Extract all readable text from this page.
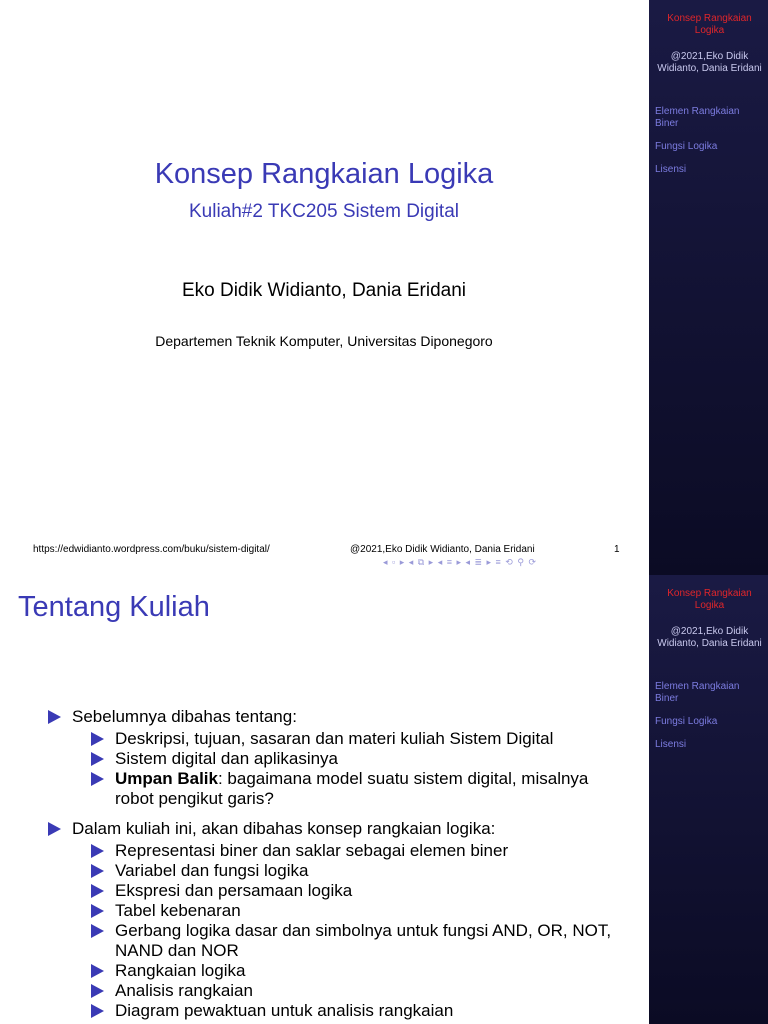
Konsep Rangkaian Logika
Kuliah#2 TKC205 Sistem Digital
Eko Didik Widianto, Dania Eridani
Departemen Teknik Komputer, Universitas Diponegoro
https://edwidianto.wordpress.com/buku/sistem-digital/	@2021,Eko Didik Widianto, Dania Eridani	1
◂ ▫ ▸ ◂ ⧉ ▸ ◂ ≡ ▸ ◂ ≣ ▸ ≡ ⟲ ⚲ ⟳
Konsep Rangkaian Logika
@2021,Eko Didik Widianto, Dania Eridani
Elemen Rangkaian Biner
Fungsi Logika
Lisensi
Tentang Kuliah
Sebelumnya dibahas tentang:
Deskripsi, tujuan, sasaran dan materi kuliah Sistem Digital
Sistem digital dan aplikasinya
Umpan Balik: bagaimana model suatu sistem digital, misalnya robot pengikut garis?
Dalam kuliah ini, akan dibahas konsep rangkaian logika:
Representasi biner dan saklar sebagai elemen biner
Variabel dan fungsi logika
Ekspresi dan persamaan logika
Tabel kebenaran
Gerbang logika dasar dan simbolnya untuk fungsi AND, OR, NOT, NAND dan NOR
Rangkaian logika
Analisis rangkaian
Diagram pewaktuan untuk analisis rangkaian
Konsep Rangkaian Logika
@2021,Eko Didik Widianto, Dania Eridani
Elemen Rangkaian Biner
Fungsi Logika
Lisensi
